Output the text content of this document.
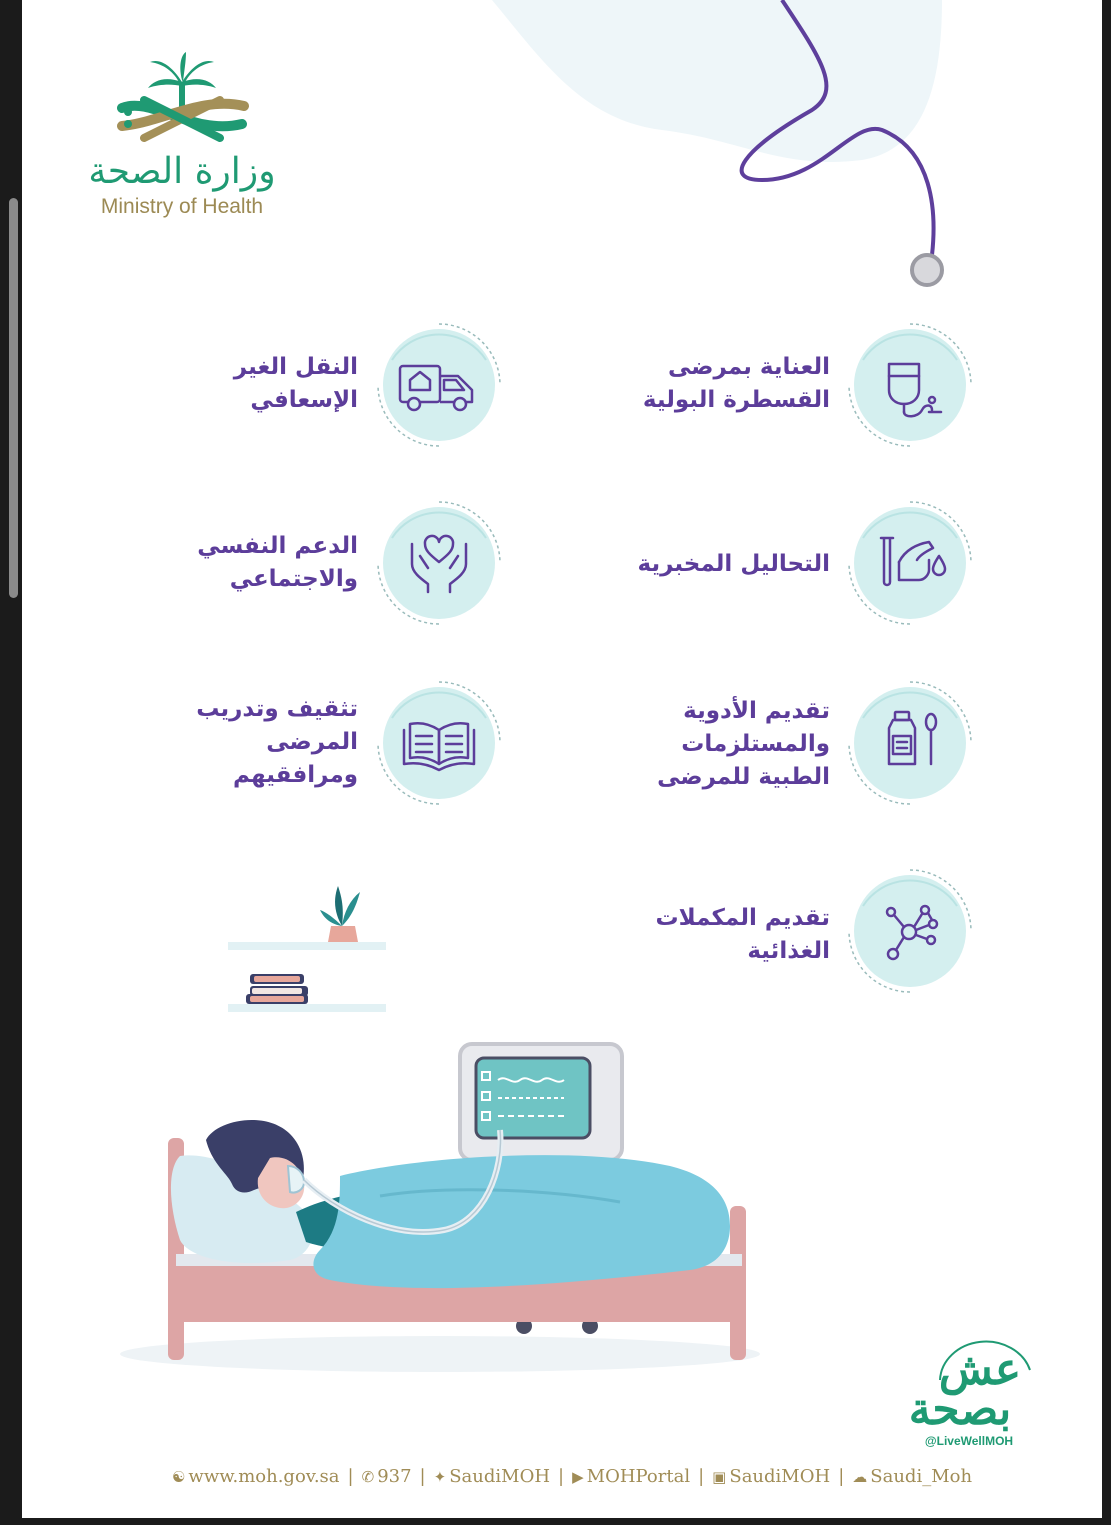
وزارة الصحة
Ministry of Health
العناية بمرضى
القسطرة البولية
النقل الغير
الإسعافي
التحاليل المخبرية
الدعم النفسي
والاجتماعي
تقديم الأدوية
والمستلزمات
الطبية للمرضى
تثقيف وتدريب
المرضى
ومرافقيهم
تقديم المكملات
الغذائية
عش
بصحة
@LiveWellMOH
☯ www.moh.gov.sa | ✆ 937 | ✦ SaudiMOH | ▶ MOHPortal | ▣ SaudiMOH | ☁ Saudi_Moh
